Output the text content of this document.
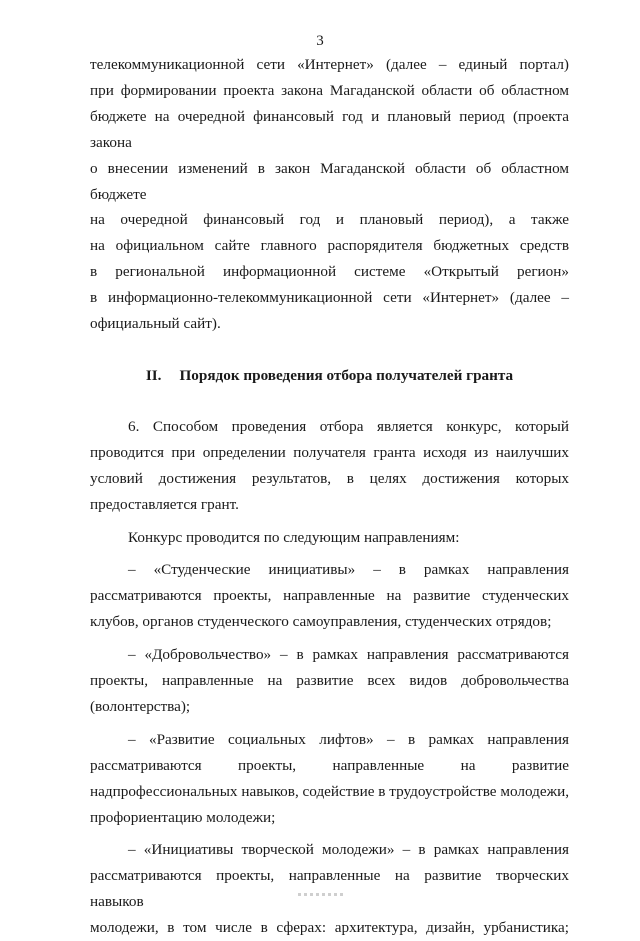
3

телекоммуникационной сети «Интернет» (далее – единый портал)

при формировании проекта закона Магаданской области об областном

бюджете на очередной финансовый год и плановый период (проекта закона

о внесении изменений в закон Магаданской области об областном бюджете

на очередной финансовый год и плановый период), а также

на официальном сайте главного распорядителя бюджетных средств

в региональной информационной системе «Открытый регион»

в информационно-телекоммуникационной сети «Интернет» (далее –

официальный сайт).

II. Порядок проведения отбора получателей гранта

6. Способом проведения отбора является конкурс, который

проводится при определении получателя гранта исходя из наилучших

условий достижения результатов, в целях достижения которых

предоставляется грант.

Конкурс проводится по следующим направлениям:

– «Студенческие инициативы» – в рамках направления

рассматриваются проекты, направленные на развитие студенческих

клубов, органов студенческого самоуправления, студенческих отрядов;

– «Добровольчество» – в рамках направления рассматриваются

проекты, направленные на развитие всех видов добровольчества

(волонтерства);

– «Развитие социальных лифтов» – в рамках направления

рассматриваются проекты, направленные на развитие

надпрофессиональных навыков, содействие в трудоустройстве молодежи,

профориентацию молодежи;

– «Инициативы творческой молодежи» – в рамках направления

рассматриваются проекты, направленные на развитие творческих навыков

молодежи, в том числе в сферах: архитектура, дизайн, урбанистика;
